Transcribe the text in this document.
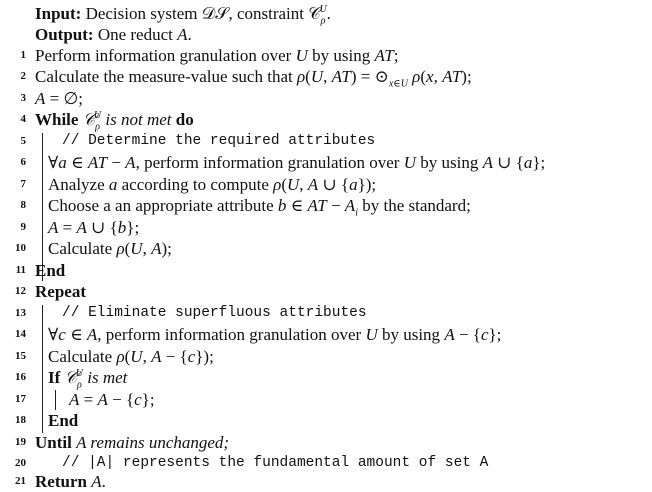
Input: Decision system 𝒟𝒮, constraint 𝒞$_\rho^U$.
Output: One reduct A.
1 Perform information granulation over U by using AT;
2 Calculate the measure-value such that ρ(U, $AT) = ⊙_{x\in U}$ ρ(x, AT);
3 A = ∅;
4 While 𝒞$_\rho^U$ is not met do
5 // Determine the required attributes
6 ∀a ∈ AT − A, perform information granulation over U by using A ∪ {a};
7 Analyze a according to compute ρ(U, A ∪ {a});
8 Choose a an appropriate attribute b ∈ AT − $A_i$ by the standard;
9 A = A ∪ {b};
10 Calculate ρ(U, A);
11 End
12 Repeat
13 // Eliminate superfluous attributes
14 ∀c ∈ A, perform information granulation over U by using A − {c};
15 Calculate ρ(U, A − {c});
16 If 𝒞$_\rho^U$ is met
17	A = A − {c};
18 End
19 Until A remains unchanged;
20 // |A| represents the fundamental amount of set A
21 Return A.
